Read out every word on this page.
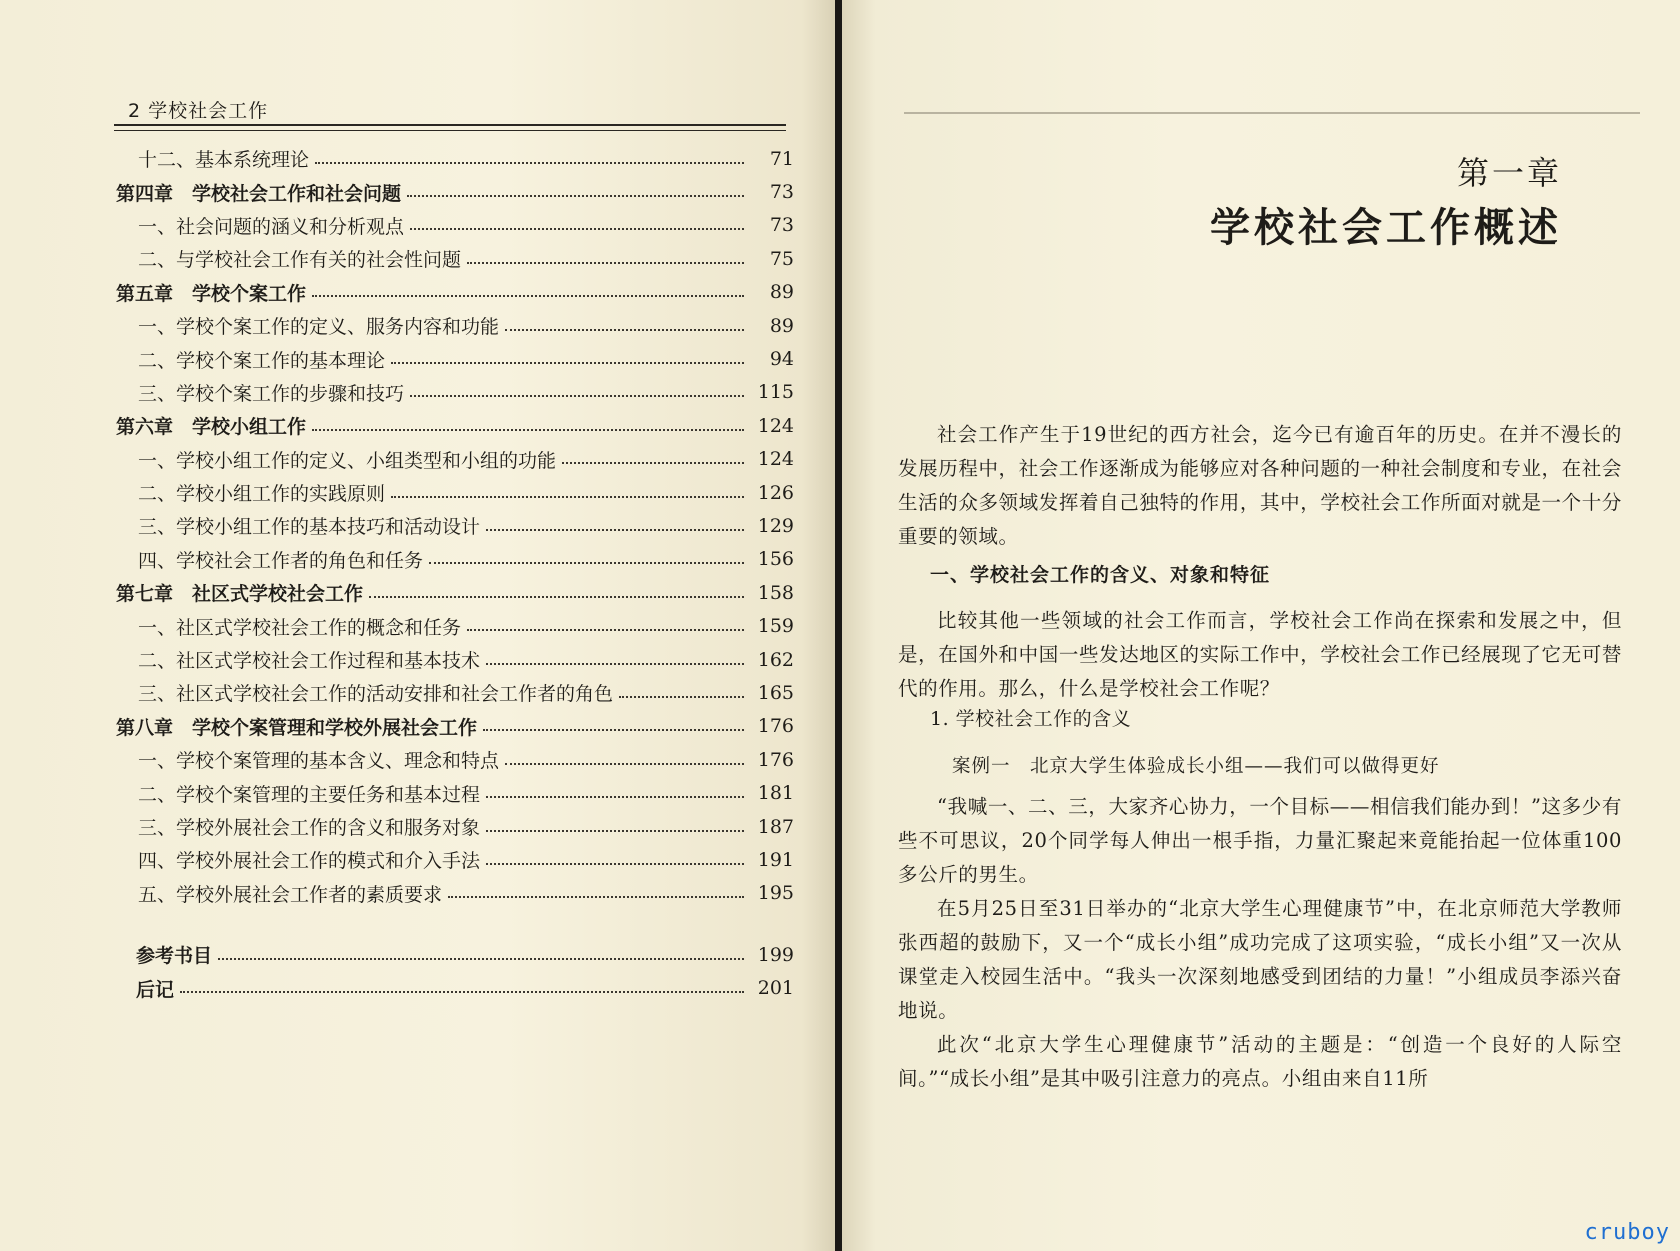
2 学校社会工作
十二、基本系统理论	71
第四章　学校社会工作和社会问题	73
一、社会问题的涵义和分析观点	73
二、与学校社会工作有关的社会性问题	75
第五章　学校个案工作	89
一、学校个案工作的定义、服务内容和功能	89
二、学校个案工作的基本理论	94
三、学校个案工作的步骤和技巧	115
第六章　学校小组工作	124
一、学校小组工作的定义、小组类型和小组的功能	124
二、学校小组工作的实践原则	126
三、学校小组工作的基本技巧和活动设计	129
四、学校社会工作者的角色和任务	156
第七章　社区式学校社会工作	158
一、社区式学校社会工作的概念和任务	159
二、社区式学校社会工作过程和基本技术	162
三、社区式学校社会工作的活动安排和社会工作者的角色	165
第八章　学校个案管理和学校外展社会工作	176
一、学校个案管理的基本含义、理念和特点	176
二、学校个案管理的主要任务和基本过程	181
三、学校外展社会工作的含义和服务对象	187
四、学校外展社会工作的模式和介入手法	191
五、学校外展社会工作者的素质要求	195
参考书目	199
后记	201
第一章
学校社会工作概述

社会工作产生于19世纪的西方社会，迄今已有逾百年的历史。在并不漫长的发展历程中，社会工作逐渐成为能够应对各种问题的一种社会制度和专业，在社会生活的众多领域发挥着自己独特的作用，其中，学校社会工作所面对就是一个十分重要的领域。

一、学校社会工作的含义、对象和特征

比较其他一些领域的社会工作而言，学校社会工作尚在探索和发展之中，但是，在国外和中国一些发达地区的实际工作中，学校社会工作已经展现了它无可替代的作用。那么，什么是学校社会工作呢？

1. 学校社会工作的含义
案例一　北京大学生体验成长小组——我们可以做得更好

“我喊一、二、三，大家齐心协力，一个目标——相信我们能办到！”这多少有些不可思议，20个同学每人伸出一根手指，力量汇聚起来竟能抬起一位体重100多公斤的男生。

在5月25日至31日举办的“北京大学生心理健康节”中，在北京师范大学教师张西超的鼓励下，又一个“成长小组”成功完成了这项实验，“成长小组”又一次从课堂走入校园生活中。“我头一次深刻地感受到团结的力量！”小组成员李添兴奋地说。

此次“北京大学生心理健康节”活动的主题是：“创造一个良好的人际空间。”“成长小组”是其中吸引注意力的亮点。小组由来自11所

cruboy
